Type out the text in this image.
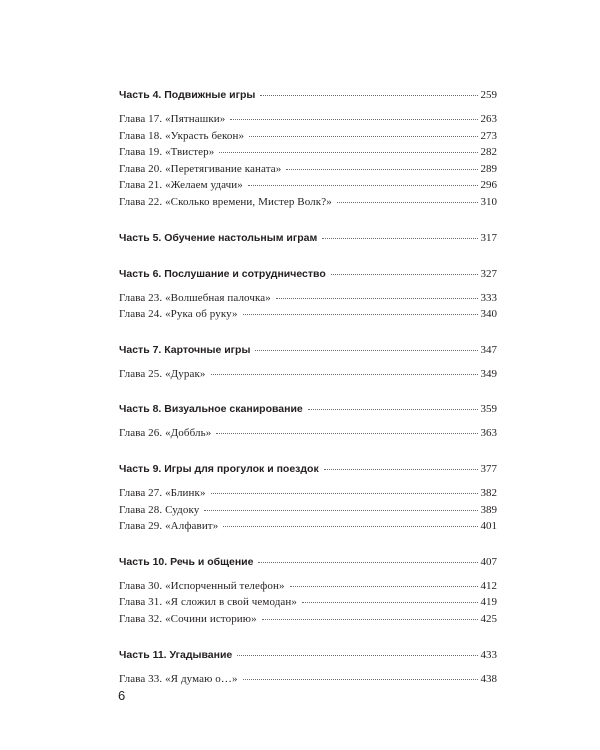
Часть 4. Подвижные игры	259
Глава 17. «Пятнашки»	263
Глава 18. «Украсть бекон»	273
Глава 19. «Твистер»	282
Глава 20. «Перетягивание каната»	289
Глава 21. «Желаем удачи»	296
Глава 22. «Сколько времени, Мистер Волк?»	310
Часть 5. Обучение настольным играм	317
Часть 6. Послушание и сотрудничество	327
Глава 23. «Волшебная палочка»	333
Глава 24. «Рука об руку»	340
Часть 7. Карточные игры	347
Глава 25. «Дурак»	349
Часть 8. Визуальное сканирование	359
Глава 26. «Доббль»	363
Часть 9. Игры для прогулок и поездок	377
Глава 27. «Блинк»	382
Глава 28. Судоку	389
Глава 29. «Алфавит»	401
Часть 10. Речь и общение	407
Глава 30. «Испорченный телефон»	412
Глава 31. «Я сложил в свой чемодан»	419
Глава 32. «Сочини историю»	425
Часть 11. Угадывание	433
Глава 33. «Я думаю о…»	438
6
